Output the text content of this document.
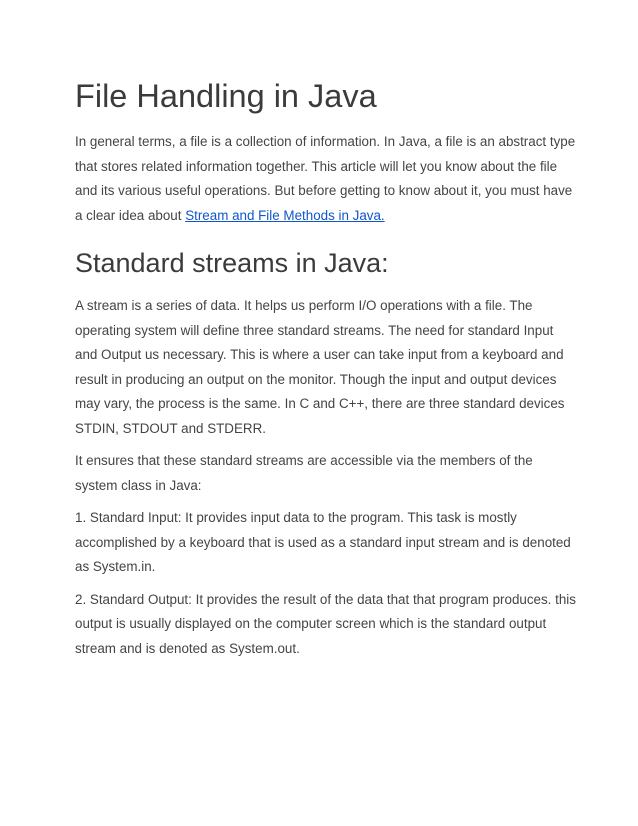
File Handling in Java

In general terms, a file is a collection of information. In Java, a file is an abstract type
that stores related information together. This article will let you know about the file
and its various useful operations. But before getting to know about it, you must have
a clear idea about Stream and File Methods in Java.

Standard streams in Java:

A stream is a series of data. It helps us perform I/O operations with a file. The
operating system will define three standard streams. The need for standard Input
and Output us necessary. This is where a user can take input from a keyboard and
result in producing an output on the monitor. Though the input and output devices
may vary, the process is the same. In C and C++, there are three standard devices
STDIN, STDOUT and STDERR.

It ensures that these standard streams are accessible via the members of the
system class in Java:

1. Standard Input: It provides input data to the program. This task is mostly
accomplished by a keyboard that is used as a standard input stream and is denoted
as System.in.

2. Standard Output: It provides the result of the data that that program produces. this
output is usually displayed on the computer screen which is the standard output
stream and is denoted as System.out.
